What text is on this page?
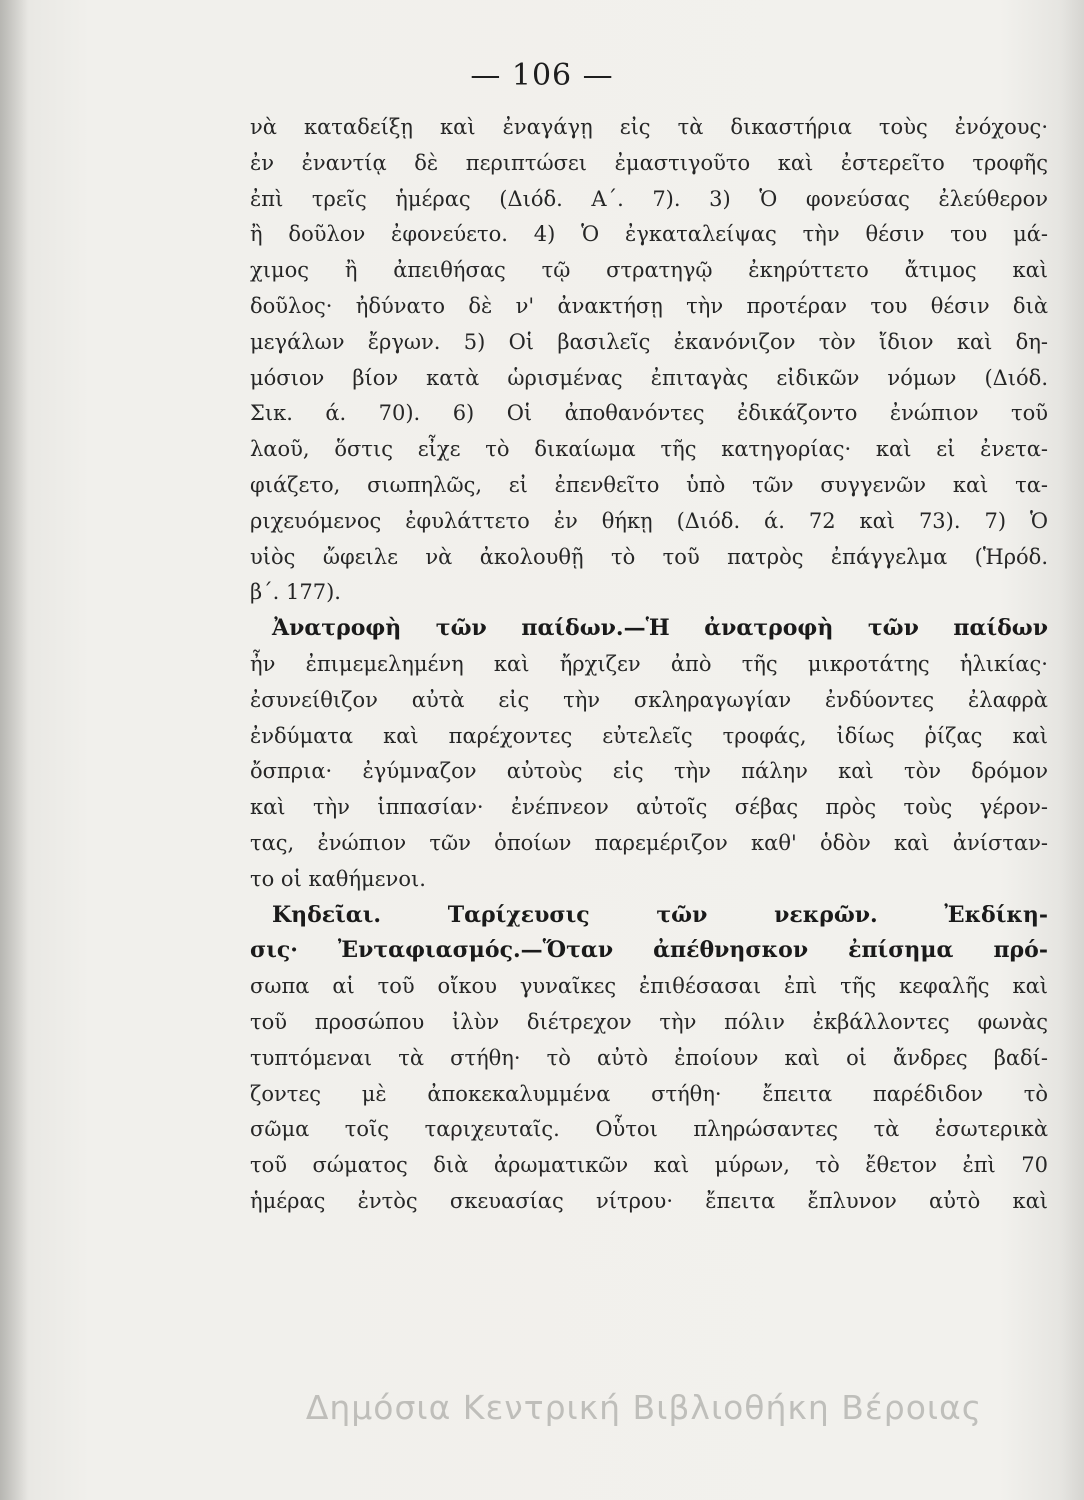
— 106 —
νὰ καταδείξῃ καὶ ἐναγάγῃ εἰς τὰ δικαστήρια τοὺς ἐνόχους·
ἐν ἐναντίᾳ δὲ περιπτώσει ἐμαστιγοῦτο καὶ ἐστερεῖτο τροφῆς
ἐπὶ τρεῖς ἡμέρας (Διόδ. Α΄. 7). 3) Ὁ φονεύσας ἐλεύθερον
ἢ δοῦλον ἐφονεύετο. 4) Ὁ ἐγκαταλείψας τὴν θέσιν του μά-
χιμος ἢ ἀπειθήσας τῷ στρατηγῷ ἐκηρύττετο ἄτιμος καὶ
δοῦλος· ἠδύνατο δὲ ν' ἀνακτήσῃ τὴν προτέραν του θέσιν διὰ
μεγάλων ἔργων. 5) Οἱ βασιλεῖς ἐκανόνιζον τὸν ἴδιον καὶ δη-
μόσιον βίον κατὰ ὡρισμένας ἐπιταγὰς εἰδικῶν νόμων (Διόδ.
Σικ. ά. 70). 6) Οἱ ἀποθανόντες ἐδικάζοντο ἐνώπιον τοῦ
λαοῦ, ὅστις εἶχε τὸ δικαίωμα τῆς κατηγορίας· καὶ εἰ ἐνετα-
φιάζετο, σιωπηλῶς, εἰ ἐπενθεῖτο ὑπὸ τῶν συγγενῶν καὶ τα-
ριχευόμενος ἐφυλάττετο ἐν θήκῃ (Διόδ. ά. 72 καὶ 73). 7) Ὁ
υἱὸς ὤφειλε νὰ ἀκολουθῇ τὸ τοῦ πατρὸς ἐπάγγελμα (Ἡρόδ.
β΄. 177).
Ἀνατροφὴ τῶν παίδων.—Ἡ ἀνατροφὴ τῶν παίδων
ἦν ἐπιμεμελημένη καὶ ἤρχιζεν ἀπὸ τῆς μικροτάτης ἡλικίας·
ἐσυνείθιζον αὐτὰ εἰς τὴν σκληραγωγίαν ἐνδύοντες ἐλαφρὰ
ἐνδύματα καὶ παρέχοντες εὐτελεῖς τροφάς, ἰδίως ῥίζας καὶ
ὄσπρια· ἐγύμναζον αὐτοὺς εἰς τὴν πάλην καὶ τὸν δρόμον
καὶ τὴν ἱππασίαν· ἐνέπνεον αὐτοῖς σέβας πρὸς τοὺς γέρον-
τας, ἐνώπιον τῶν ὁποίων παρεμέριζον καθ' ὁδὸν καὶ ἀνίσταν-
το οἱ καθήμενοι.
Κηδεῖαι. Ταρίχευσις τῶν νεκρῶν. Ἐκδίκη-
σις· Ἐνταφιασμός.—Ὅταν ἀπέθνησκον ἐπίσημα πρό-
σωπα αἱ τοῦ οἴκου γυναῖκες ἐπιθέσασαι ἐπὶ τῆς κεφαλῆς καὶ
τοῦ προσώπου ἰλὺν διέτρεχον τὴν πόλιν ἐκβάλλοντες φωνὰς
τυπτόμεναι τὰ στήθη· τὸ αὐτὸ ἐποίουν καὶ οἱ ἄνδρες βαδί-
ζοντες μὲ ἀποκεκαλυμμένα στήθη· ἔπειτα παρέδιδον τὸ
σῶμα τοῖς ταριχευταῖς. Οὗτοι πληρώσαντες τὰ ἐσωτερικὰ
τοῦ σώματος διὰ ἀρωματικῶν καὶ μύρων, τὸ ἔθετον ἐπὶ 70
ἡμέρας ἐντὸς σκευασίας νίτρου· ἔπειτα ἔπλυνον αὐτὸ καὶ
Δημόσια Κεντρική Βιβλιοθήκη Βέροιας
